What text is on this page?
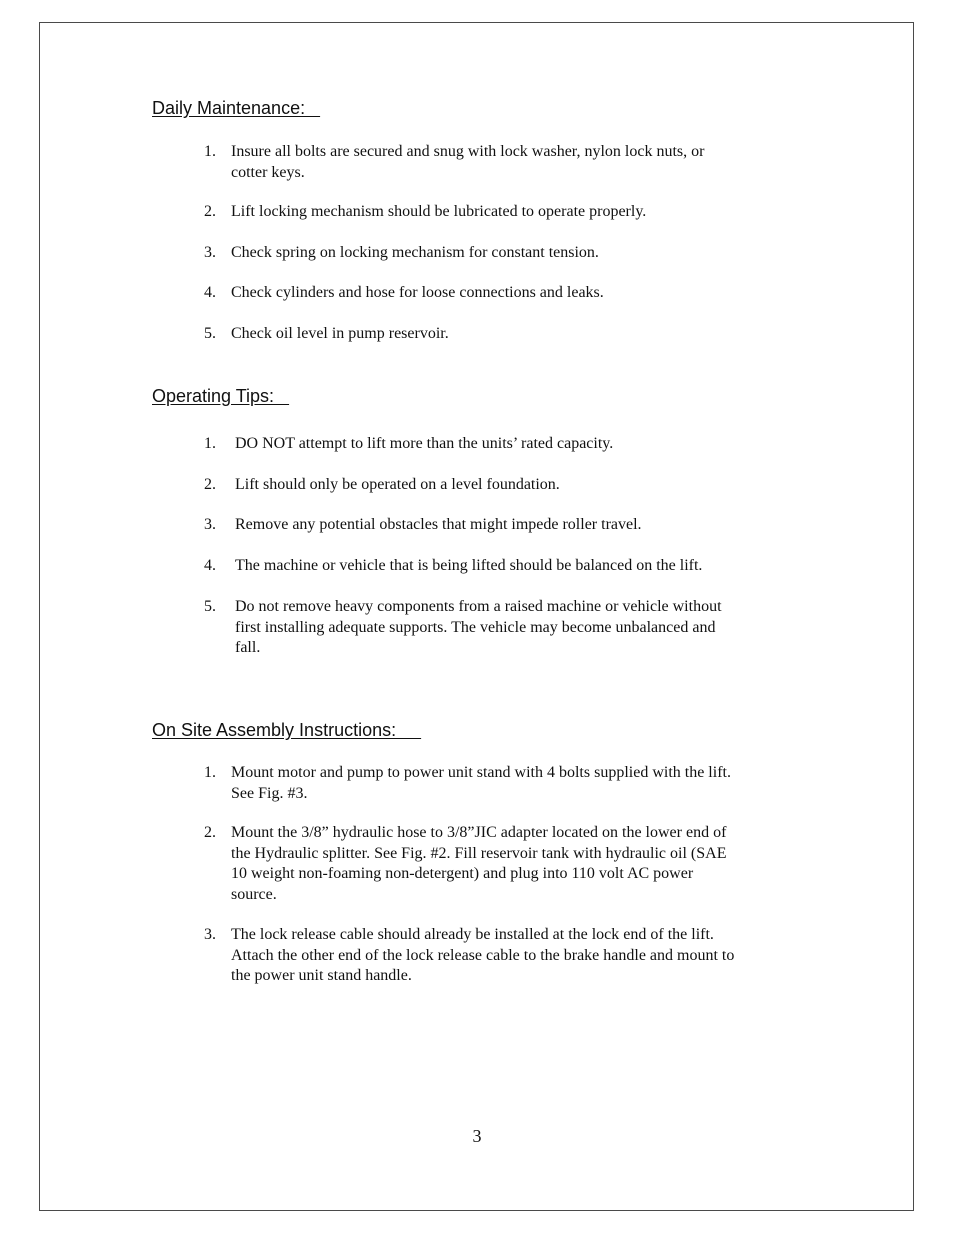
Daily Maintenance:
1. Insure all bolts are secured and snug with lock washer, nylon lock nuts, or
cotter keys.
2. Lift locking mechanism should be lubricated to operate properly.
3. Check spring on locking mechanism for constant tension.
4. Check cylinders and hose for loose connections and leaks.
5. Check oil level in pump reservoir.
Operating Tips:
1. DO NOT attempt to lift more than the units’ rated capacity.
2. Lift should only be operated on a level foundation.
3. Remove any potential obstacles that might impede roller travel.
4. The machine or vehicle that is being lifted should be balanced on the lift.
5. Do not remove heavy components from a raised machine or vehicle without
first installing adequate supports. The vehicle may become unbalanced and
fall.
On Site Assembly Instructions:
1. Mount motor and pump to power unit stand with 4 bolts supplied with the lift.
See Fig. #3.
2. Mount the 3/8” hydraulic hose to 3/8”JIC adapter located on the lower end of
the Hydraulic splitter. See Fig. #2. Fill reservoir tank with hydraulic oil (SAE
10 weight non-foaming non-detergent) and plug into 110 volt AC power
source.
3. The lock release cable should already be installed at the lock end of the lift.
Attach the other end of the lock release cable to the brake handle and mount to
the power unit stand handle.
3
